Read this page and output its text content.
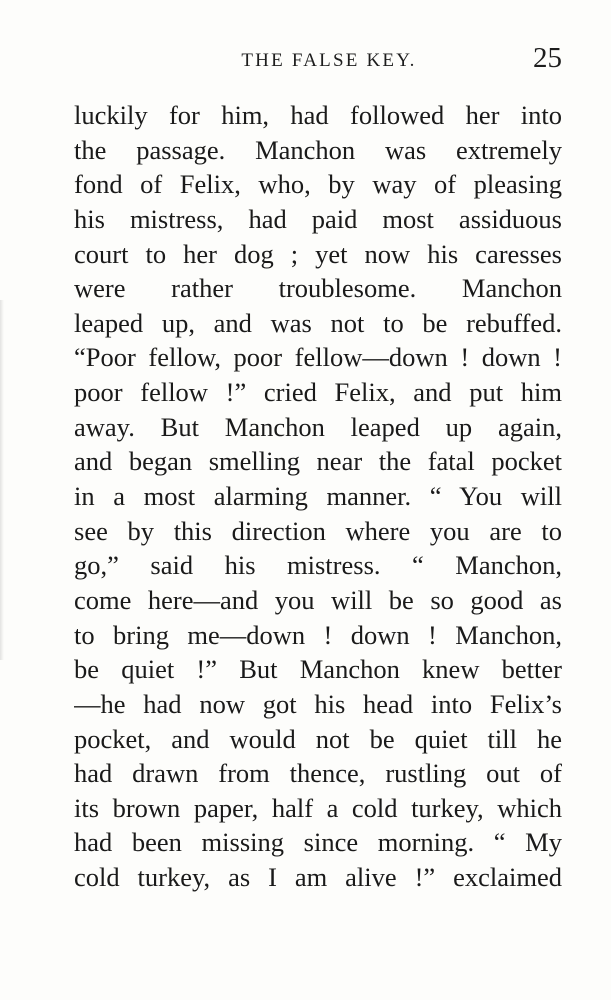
THE FALSE KEY.	25
luckily for him, had followed her into
the passage. Manchon was extremely
fond of Felix, who, by way of pleasing
his mistress, had paid most assiduous
court to her dog ; yet now his caresses
were rather troublesome. Manchon
leaped up, and was not to be rebuffed.
“Poor fellow, poor fellow—down ! down !
poor fellow !” cried Felix, and put him
away. But Manchon leaped up again,
and began smelling near the fatal pocket
in a most alarming manner. “ You will
see by this direction where you are to
go,” said his mistress. “ Manchon,
come here—and you will be so good as
to bring me—down ! down ! Manchon,
be quiet !” But Manchon knew better
—he had now got his head into Felix’s
pocket, and would not be quiet till he
had drawn from thence, rustling out of
its brown paper, half a cold turkey, which
had been missing since morning. “ My
cold turkey, as I am alive !” exclaimed
